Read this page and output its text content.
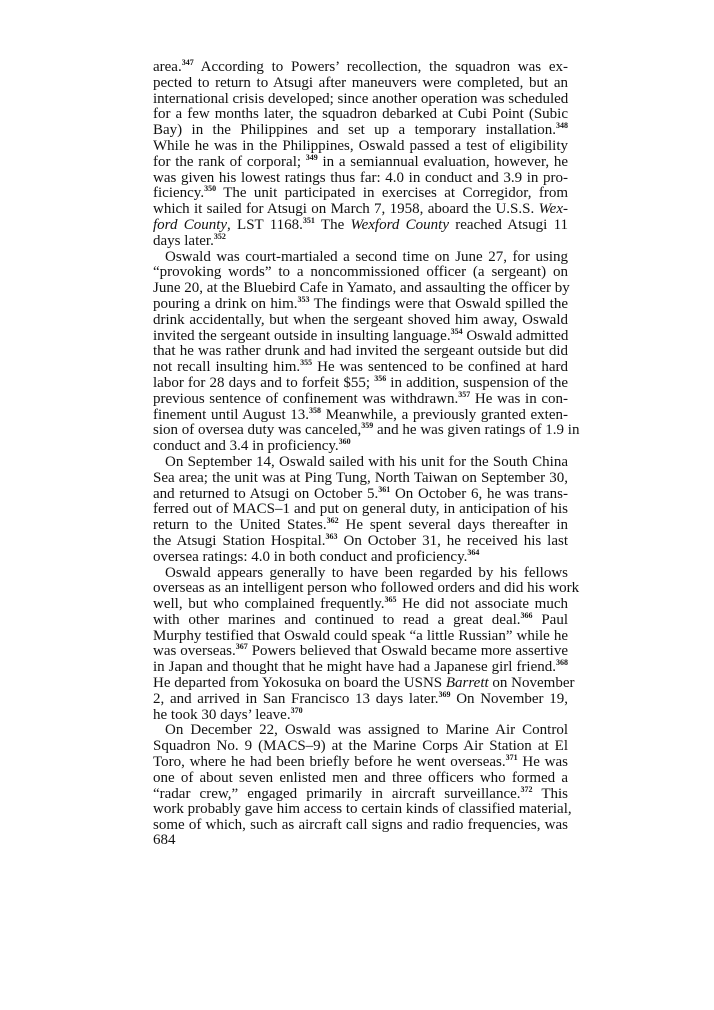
area.$^{347}$ According to Powers’ recollection, the squadron was ex-
pected to return to Atsugi after maneuvers were completed, but an
international crisis developed; since another operation was scheduled
for a few months later, the squadron debarked at Cubi Point (Subic
Bay) in the Philippines and set up a temporary installation.$^{348}$
While he was in the Philippines, Oswald passed a test of eligibility
for the rank of corporal; $^{349}$ in a semiannual evaluation, however, he
was given his lowest ratings thus far: 4.0 in conduct and 3.9 in pro-
ficiency.$^{350}$ The unit participated in exercises at Corregidor, from
which it sailed for Atsugi on March 7, 1958, aboard the U.S.S. Wex-
ford County, LST 1168.$^{351}$ The Wexford County reached Atsugi 11
days later.$^{352}$
Oswald was court-martialed a second time on June 27, for using
“provoking words” to a noncommissioned officer (a sergeant) on
June 20, at the Bluebird Cafe in Yamato, and assaulting the officer by
pouring a drink on him.$^{353}$ The findings were that Oswald spilled the
drink accidentally, but when the sergeant shoved him away, Oswald
invited the sergeant outside in insulting language.$^{354}$ Oswald admitted
that he was rather drunk and had invited the sergeant outside but did
not recall insulting him.$^{355}$ He was sentenced to be confined at hard
labor for 28 days and to forfeit $55; $^{356}$ in addition, suspension of the
previous sentence of confinement was withdrawn.$^{357}$ He was in con-
finement until August 13.$^{358}$ Meanwhile, a previously granted exten-
sion of oversea duty was canceled,$^{359}$ and he was given ratings of 1.9 in
conduct and 3.4 in proficiency.$^{360}$
On September 14, Oswald sailed with his unit for the South China
Sea area; the unit was at Ping Tung, North Taiwan on September 30,
and returned to Atsugi on October 5.$^{361}$ On October 6, he was trans-
ferred out of MACS–1 and put on general duty, in anticipation of his
return to the United States.$^{362}$ He spent several days thereafter in
the Atsugi Station Hospital.$^{363}$ On October 31, he received his last
oversea ratings: 4.0 in both conduct and proficiency.$^{364}$
Oswald appears generally to have been regarded by his fellows
overseas as an intelligent person who followed orders and did his work
well, but who complained frequently.$^{365}$ He did not associate much
with other marines and continued to read a great deal.$^{366}$ Paul
Murphy testified that Oswald could speak “a little Russian” while he
was overseas.$^{367}$ Powers believed that Oswald became more assertive
in Japan and thought that he might have had a Japanese girl friend.$^{368}$
He departed from Yokosuka on board the USNS Barrett on November
2, and arrived in San Francisco 13 days later.$^{369}$ On November 19,
he took 30 days’ leave.$^{370}$
On December 22, Oswald was assigned to Marine Air Control
Squadron No. 9 (MACS–9) at the Marine Corps Air Station at El
Toro, where he had been briefly before he went overseas.$^{371}$ He was
one of about seven enlisted men and three officers who formed a
“radar crew,” engaged primarily in aircraft surveillance.$^{372}$ This
work probably gave him access to certain kinds of classified material,
some of which, such as aircraft call signs and radio frequencies, was
684
